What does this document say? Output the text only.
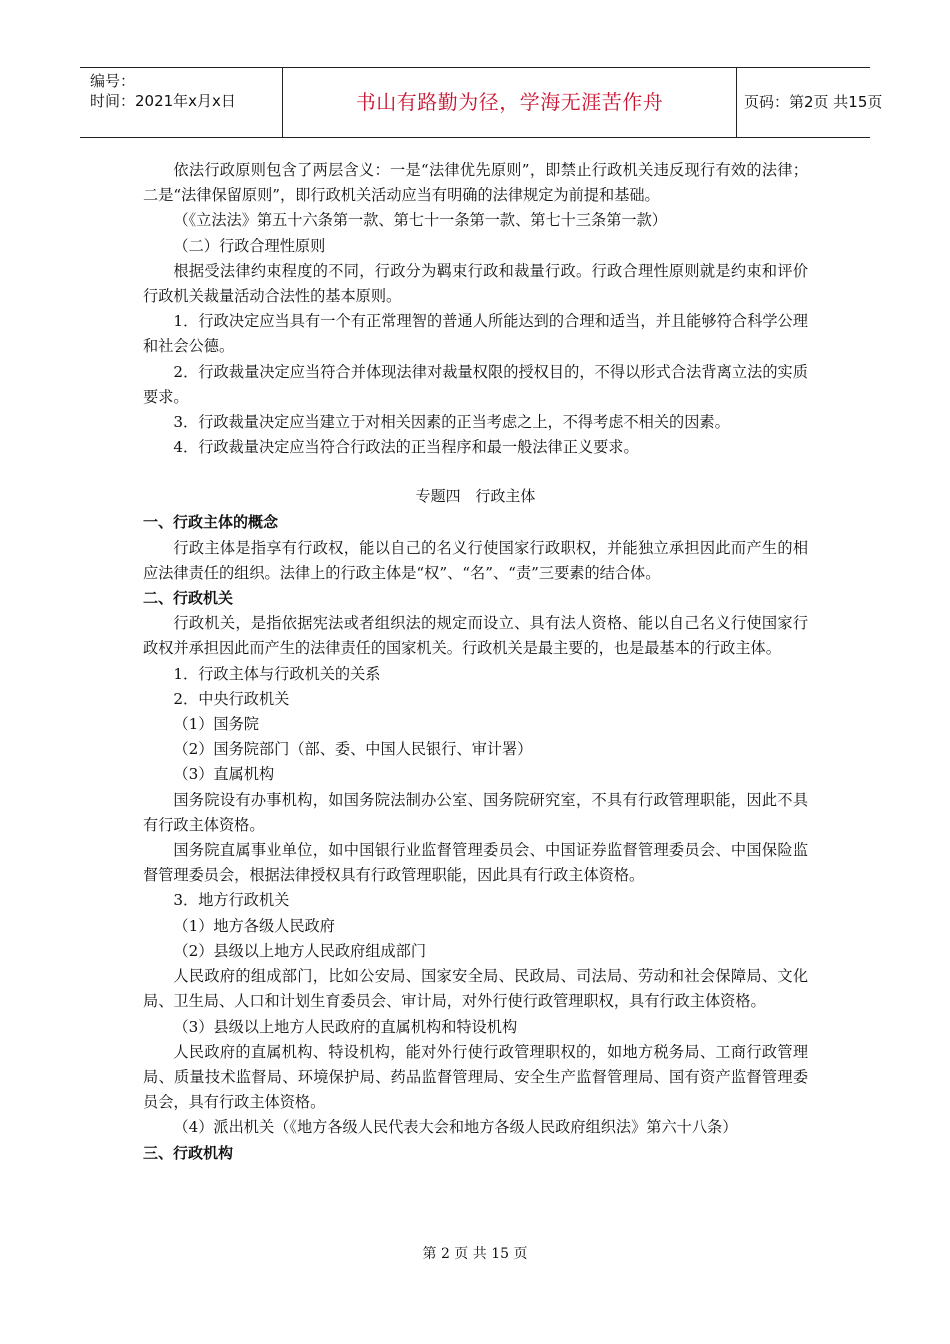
编号：
时间：2021年x月x日	书山有路勤为径，学海无涯苦作舟	页码：第2页 共15页

依法行政原则包含了两层含义：一是“法律优先原则”，即禁止行政机关违反现行有效的法律；二是“法律保留原则”，即行政机关活动应当有明确的法律规定为前提和基础。

（《立法法》第五十六条第一款、第七十一条第一款、第七十三条第一款）

（二）行政合理性原则

根据受法律约束程度的不同，行政分为羁束行政和裁量行政。行政合理性原则就是约束和评价行政机关裁量活动合法性的基本原则。

1．行政决定应当具有一个有正常理智的普通人所能达到的合理和适当，并且能够符合科学公理和社会公德。

2．行政裁量决定应当符合并体现法律对裁量权限的授权目的，不得以形式合法背离立法的实质要求。

3．行政裁量决定应当建立于对相关因素的正当考虑之上，不得考虑不相关的因素。

4．行政裁量决定应当符合行政法的正当程序和最一般法律正义要求。

专题四 行政主体
一、行政主体的概念

行政主体是指享有行政权，能以自己的名义行使国家行政职权，并能独立承担因此而产生的相应法律责任的组织。法律上的行政主体是“权”、“名”、“责”三要素的结合体。

二、行政机关

行政机关，是指依据宪法或者组织法的规定而设立、具有法人资格、能以自己名义行使国家行政权并承担因此而产生的法律责任的国家机关。行政机关是最主要的，也是最基本的行政主体。

1．行政主体与行政机关的关系

2．中央行政机关

（1）国务院

（2）国务院部门（部、委、中国人民银行、审计署）

（3）直属机构

国务院设有办事机构，如国务院法制办公室、国务院研究室，不具有行政管理职能，因此不具有行政主体资格。

国务院直属事业单位，如中国银行业监督管理委员会、中国证券监督管理委员会、中国保险监督管理委员会，根据法律授权具有行政管理职能，因此具有行政主体资格。

3．地方行政机关

（1）地方各级人民政府

（2）县级以上地方人民政府组成部门

人民政府的组成部门，比如公安局、国家安全局、民政局、司法局、劳动和社会保障局、文化局、卫生局、人口和计划生育委员会、审计局，对外行使行政管理职权，具有行政主体资格。

（3）县级以上地方人民政府的直属机构和特设机构

人民政府的直属机构、特设机构，能对外行使行政管理职权的，如地方税务局、工商行政管理局、质量技术监督局、环境保护局、药品监督管理局、安全生产监督管理局、国有资产监督管理委员会，具有行政主体资格。

（4）派出机关（《地方各级人民代表大会和地方各级人民政府组织法》第六十八条）

三、行政机构
第 2 页 共 15 页
